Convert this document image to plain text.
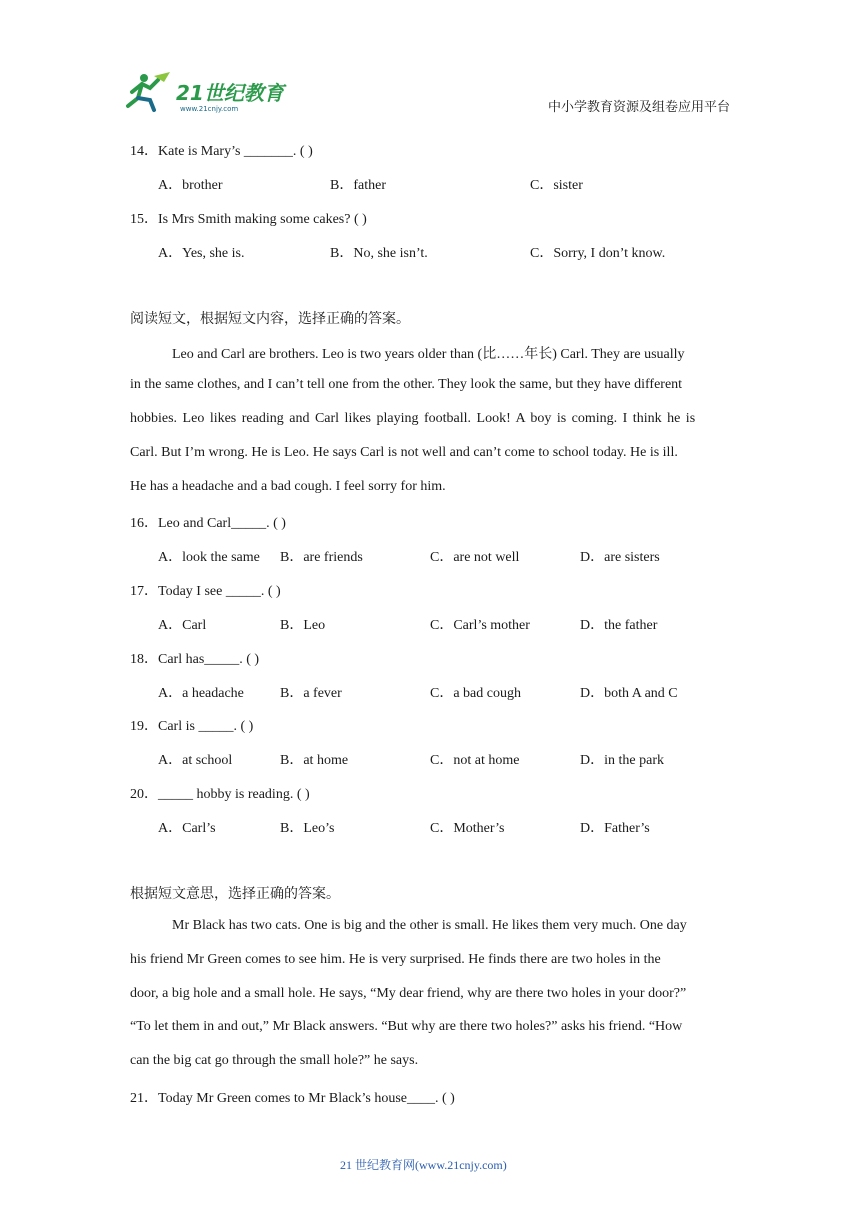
21世纪教育
www.21cnjy.com	中小学教育资源及组卷应用平台
14．Kate is Mary’s _______. ( )
A．brother	B．father	C．sister
15．Is Mrs Smith making some cakes? ( )
A．Yes, she is.	B．No, she isn’t.	C．Sorry, I don’t know.
阅读短文，根据短文内容，选择正确的答案。
Leo and Carl are brothers. Leo is two years older than (比……年长) Carl. They are usually
in the same clothes, and I can’t tell one from the other. They look the same, but they have different
hobbies. Leo likes reading and Carl likes playing football. Look! A boy is coming. I think he is
Carl. But I’m wrong. He is Leo. He says Carl is not well and can’t come to school today. He is ill.
He has a headache and a bad cough. I feel sorry for him.
16．Leo and Carl_____. ( )
A．look the same B．are friends	C．are not well	D．are sisters
17．Today I see _____. ( )
A．Carl	B．Leo	C．Carl’s mother	D．the father
18．Carl has_____. ( )
A．a headache	B．a fever	C．a bad cough	D．both A and C
19．Carl is _____. ( )
A．at school	B．at home	C．not at home	D．in the park
20．_____ hobby is reading. ( )
A．Carl’s	B．Leo’s	C．Mother’s	D．Father’s
根据短文意思，选择正确的答案。
Mr Black has two cats. One is big and the other is small. He likes them very much. One day
his friend Mr Green comes to see him. He is very surprised. He finds there are two holes in the
door, a big hole and a small hole. He says, “My dear friend, why are there two holes in your door?”
“To let them in and out,” Mr Black answers. “But why are there two holes?” asks his friend. “How
can the big cat go through the small hole?” he says.
21．Today Mr Green comes to Mr Black’s house____. ( )
21 世纪教育网(www.21cnjy.com)
